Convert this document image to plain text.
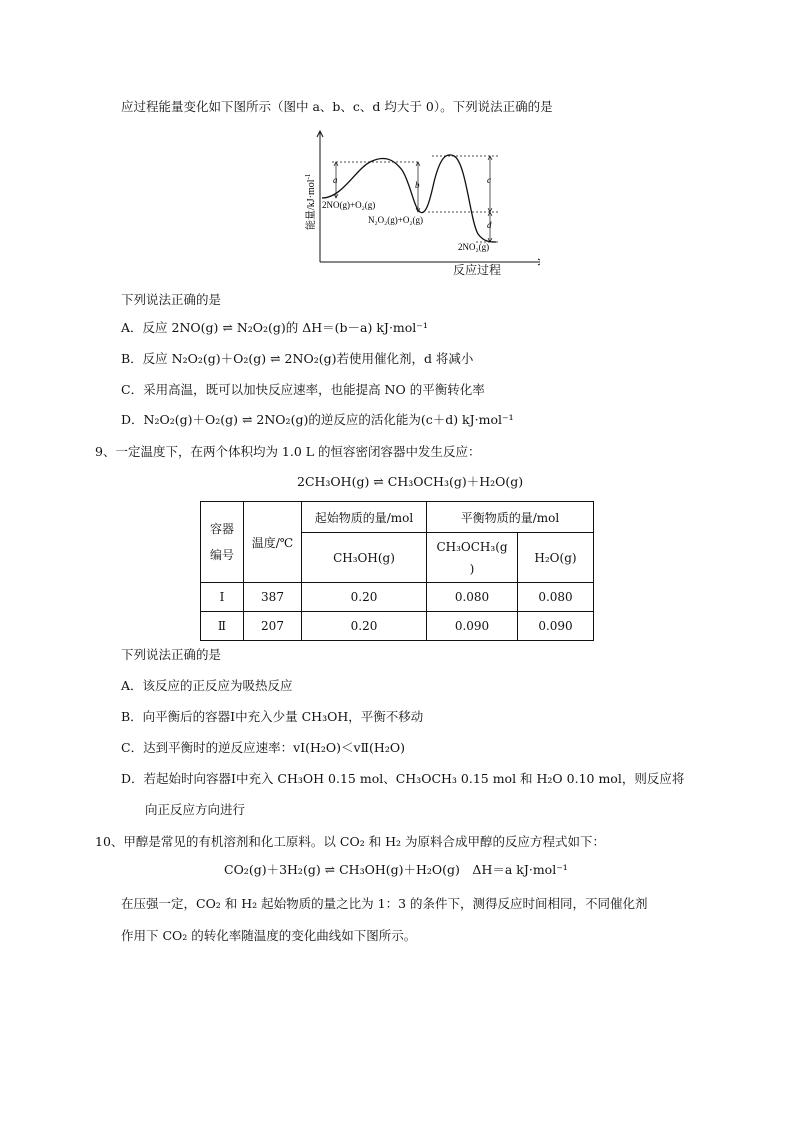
应过程能量变化如下图所示（图中 a、b、c、d 均大于 0）。下列说法正确的是
a	b	c
d
2NO(g)+O₂(g)
N₂O₂(g)+O₂(g)
2NO₂(g)
能量/kJ·mol$^{-1}$
反应过程
下列说法正确的是
A．反应 2NO(g) ⇌ N₂O₂(g)的 ΔH＝(b－a) kJ·mol⁻¹
B．反应 N₂O₂(g)＋O₂(g) ⇌ 2NO₂(g)若使用催化剂，d 将减小
C．采用高温，既可以加快反应速率，也能提高 NO 的平衡转化率
D．N₂O₂(g)＋O₂(g) ⇌ 2NO₂(g)的逆反应的活化能为(c＋d) kJ·mol⁻¹
9、一定温度下，在两个体积均为 1.0 L 的恒容密闭容器中发生反应：
2CH₃OH(g) ⇌ CH₃OCH₃(g)＋H₂O(g)
容器
编号	温度/℃	起始物质的量/mol	平衡物质的量/mol	
		CH₃OH(g)	CH₃OCH₃(g
)	H₂O(g)
Ⅰ	387	0.20	0.080	0.080
Ⅱ	207	0.20	0.090	0.090
下列说法正确的是
A．该反应的正反应为吸热反应
B．向平衡后的容器Ⅰ中充入少量 CH₃OH，平衡不移动
C．达到平衡时的逆反应速率：vⅠ(H₂O)＜vⅡ(H₂O)
D．若起始时向容器Ⅰ中充入 CH₃OH 0.15 mol、CH₃OCH₃ 0.15 mol 和 H₂O 0.10 mol，则反应将
向正反应方向进行
10、甲醇是常见的有机溶剂和化工原料。以 CO₂ 和 H₂ 为原料合成甲醇的反应方程式如下：
CO₂(g)＋3H₂(g) ⇌ CH₃OH(g)＋H₂O(g)　ΔH＝a kJ·mol⁻¹
在压强一定，CO₂ 和 H₂ 起始物质的量之比为 1：3 的条件下，测得反应时间相同，不同催化剂
作用下 CO₂ 的转化率随温度的变化曲线如下图所示。
